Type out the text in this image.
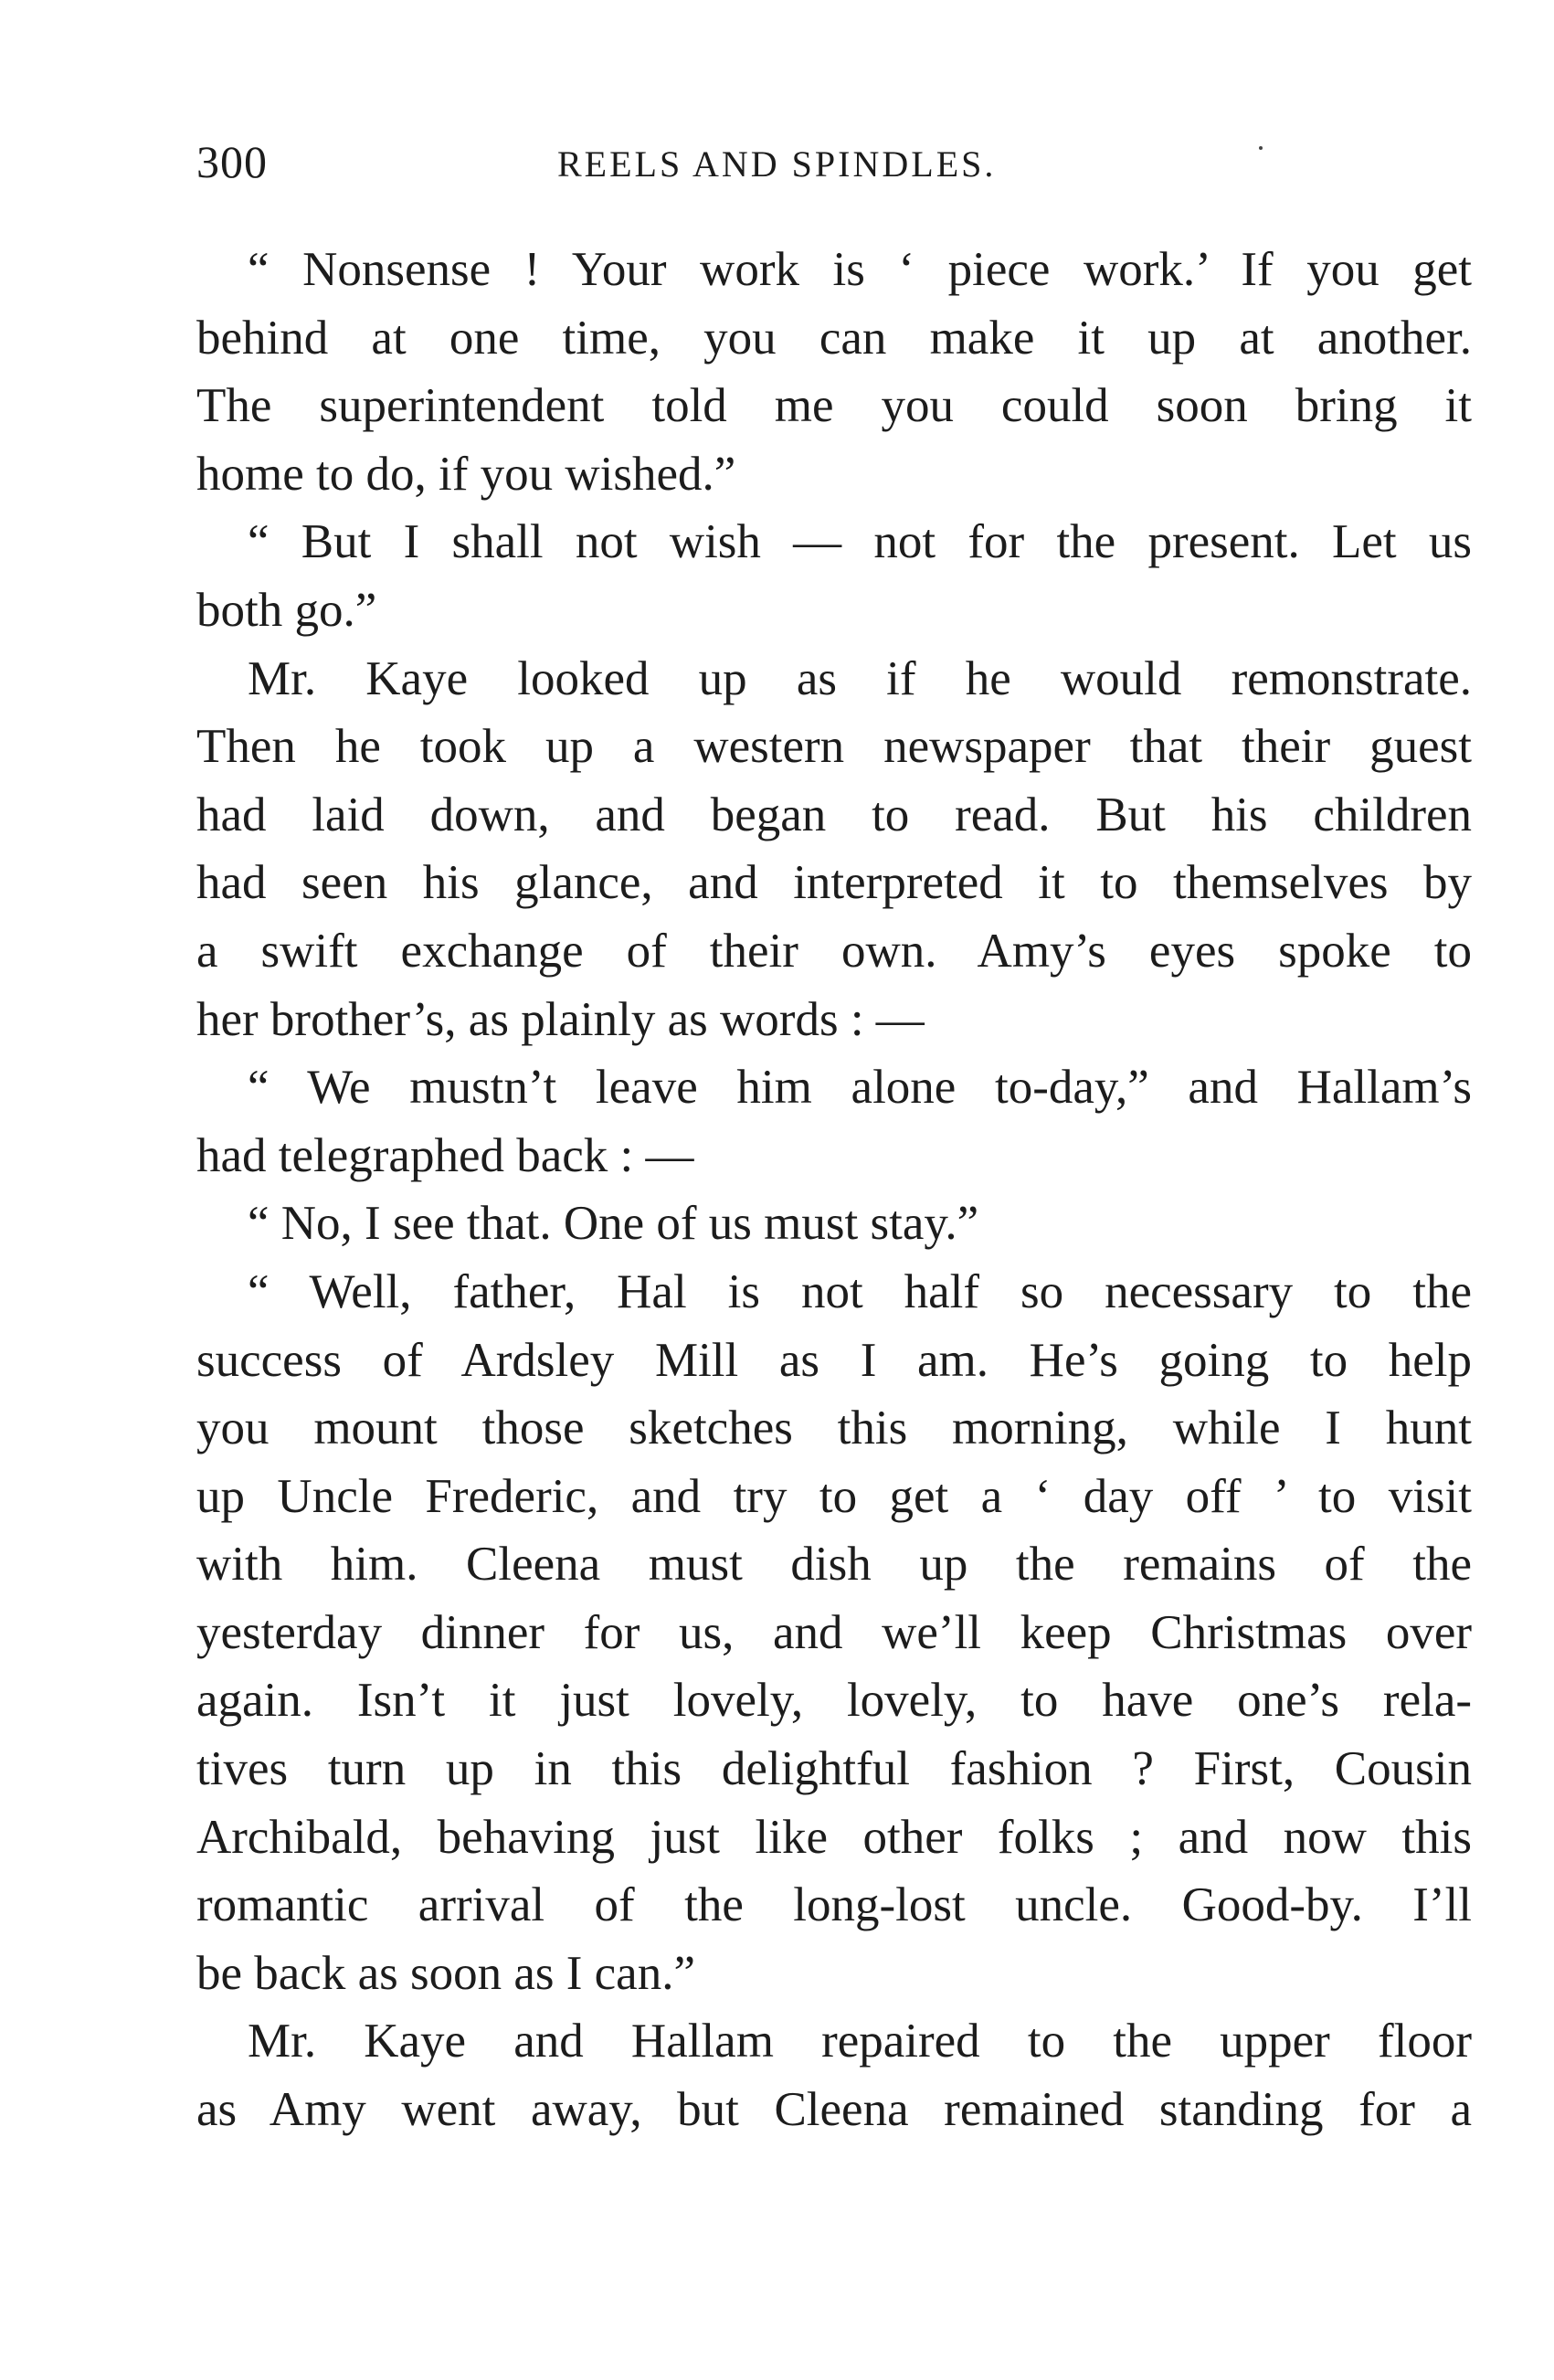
300	REELS AND SPINDLES.
“ Nonsense ! Your work is ‘ piece work.’ If you get
behind at one time, you can make it up at another.
The superintendent told me you could soon bring it
home to do, if you wished.”
“ But I shall not wish — not for the present. Let us
both go.”
Mr. Kaye looked up as if he would remonstrate.
Then he took up a western newspaper that their guest
had laid down, and began to read. But his children
had seen his glance, and interpreted it to themselves by
a swift exchange of their own. Amy’s eyes spoke to
her brother’s, as plainly as words : —
“ We mustn’t leave him alone to-day,” and Hallam’s
had telegraphed back : —
“ No, I see that. One of us must stay.”
“ Well, father, Hal is not half so necessary to the
success of Ardsley Mill as I am. He’s going to help
you mount those sketches this morning, while I hunt
up Uncle Frederic, and try to get a ‘ day off ’ to visit
with him. Cleena must dish up the remains of the
yesterday dinner for us, and we’ll keep Christmas over
again. Isn’t it just lovely, lovely, to have one’s rela-
tives turn up in this delightful fashion ? First, Cousin
Archibald, behaving just like other folks ; and now this
romantic arrival of the long-lost uncle. Good-by. I’ll
be back as soon as I can.”
Mr. Kaye and Hallam repaired to the upper floor
as Amy went away, but Cleena remained standing for a
